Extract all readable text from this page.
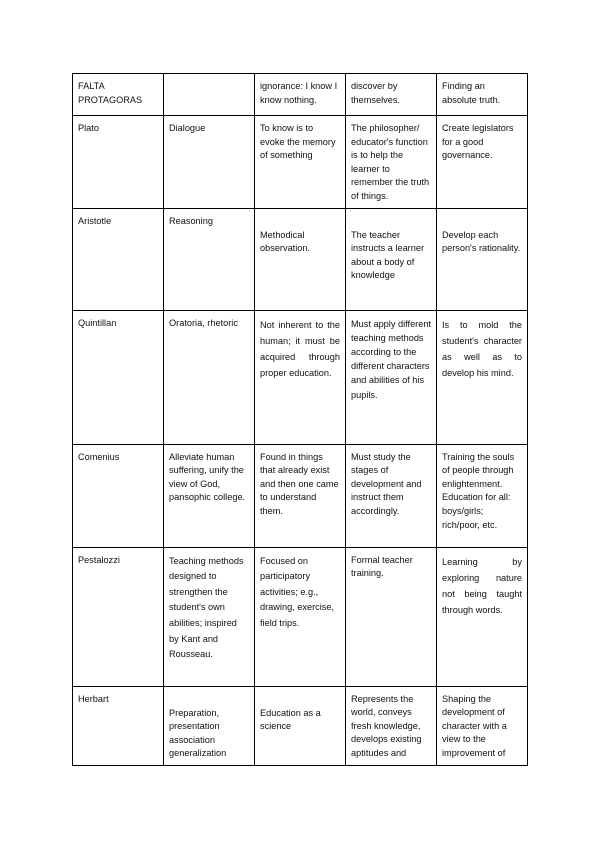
FALTA PROTAGORAS		ignorance: I know I know nothing.	discover by themselves.	Finding an absolute truth.
Plato	Dialogue	To know is to evoke the memory of something	The philosopher/ educator's function is to help the learner to remember the truth of things.	Create legislators for a good governance.
Aristotle	Reasoning	Methodical observation.	The teacher instructs a learner about a body of knowledge	Develop each person's rationality.
Quintillan	Oratoria, rhetoric	Not inherent to the human; it must be acquired through proper education.	Must apply different teaching methods according to the different characters and abilities of his pupils.	Is to mold the student's character as well as to develop his mind.
Comenius	Alleviate human suffering, unify the view of God, pansophic college.	Found in things that already exist and then one came to understand them.	Must study the stages of development and instruct them accordingly.	Training the souls of people through enlightenment. Education for all: boys/girls; rich/poor, etc.
Pestalozzi	Teaching methods designed to strengthen the student's own abilities; inspired by Kant and Rousseau.	Focused on participatory activities; e.g., drawing, exercise, field trips.	Formal teacher training.	Learning by exploring nature not being taught through words.
Herbart	Preparation, presentation association generalization	Education as a science	Represents the world, conveys fresh knowledge, develops existing aptitudes and	Shaping the development of character with a view to the improvement of
